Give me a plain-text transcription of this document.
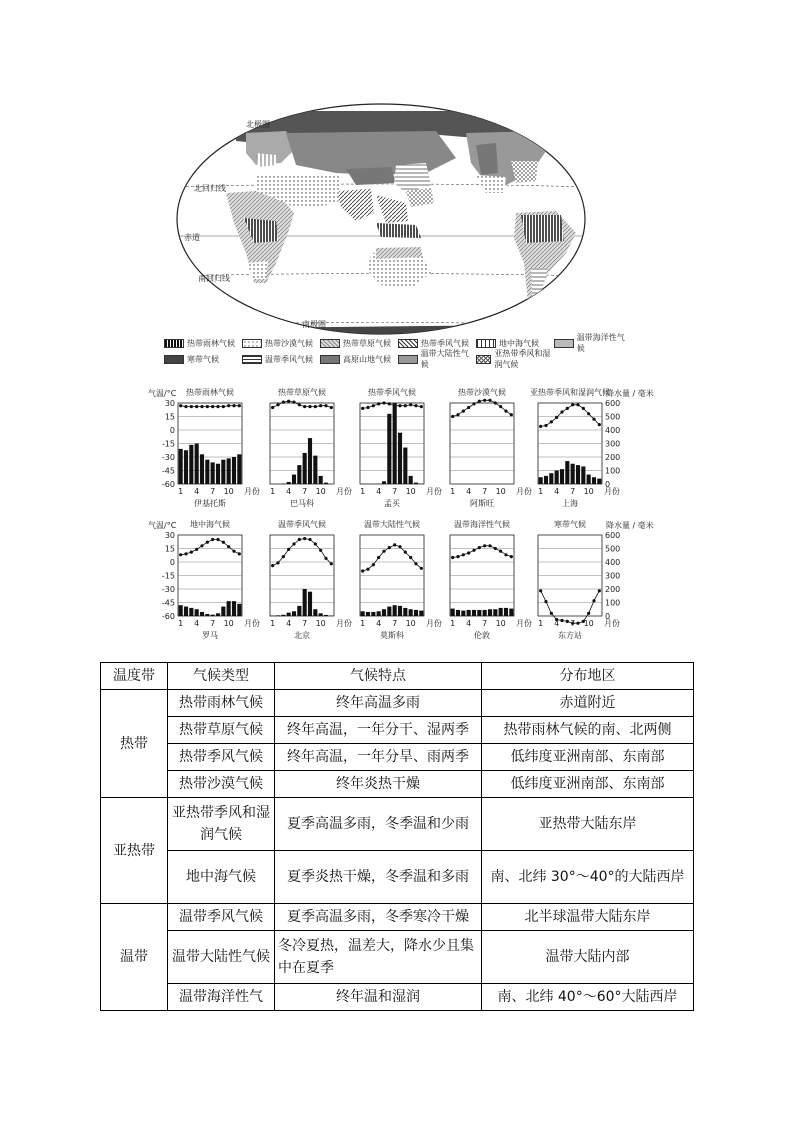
北极圈
北回归线
赤道
南回归线
南极圈
热带雨林气候	热带沙漠气候	热带草原气候	热带季风气候	地中海气候
温带海洋性气候
寒带气候	温带季风气候	高原山地气候
温带大陆性气候
亚热带季风和湿润气候
热带雨林气候
气温/°C
30
15
0
-15
-30
-45
-60
1 4 7 10 月份
伊基托斯
热带草原气候
1 4 7 10 月份
巴马科
热带季风气候
1 4 7 10 月份
孟买
热带沙漠气候
1 4 7 10 月份
阿斯旺
亚热带季风和湿润气候
降水量 / 毫米
600
500
400
300
200
100
0
1 4 7 10 月份
上海
地中海气候
气温/°C
30
15
0
-15
-30
-45
-60
1 4 7 10 月份
罗马
温带季风气候
1 4 7 10 月份
北京
温带大陆性气候
1 4 7 10 月份
莫斯科
温带海洋性气候
1 4 7 10 月份
伦敦
寒带气候	降水量 / 毫米
600
500
400
300
200
100
0
1 4 7 10 月份
东方站
温度带	气候类型	气候特点	分布地区
热带	热带雨林气候	终年高温多雨	赤道附近
	热带草原气候	终年高温，一年分干、湿两季	热带雨林气候的南、北两侧
	热带季风气候	终年高温，一年分旱、雨两季	低纬度亚洲南部、东南部
	热带沙漠气候	终年炎热干燥	低纬度亚洲南部、东南部
亚热带	亚热带季风和湿润气候	夏季高温多雨，冬季温和少雨	亚热带大陆东岸
	地中海气候	夏季炎热干燥，冬季温和多雨	南、北纬 30°～40°的大陆西岸
温带	温带季风气候	夏季高温多雨，冬季寒冷干燥	北半球温带大陆东岸
	温带大陆性气候	冬冷夏热，温差大，降水少且集中在夏季	温带大陆内部
	温带海洋性气	终年温和湿润	南、北纬 40°～60°大陆西岸
